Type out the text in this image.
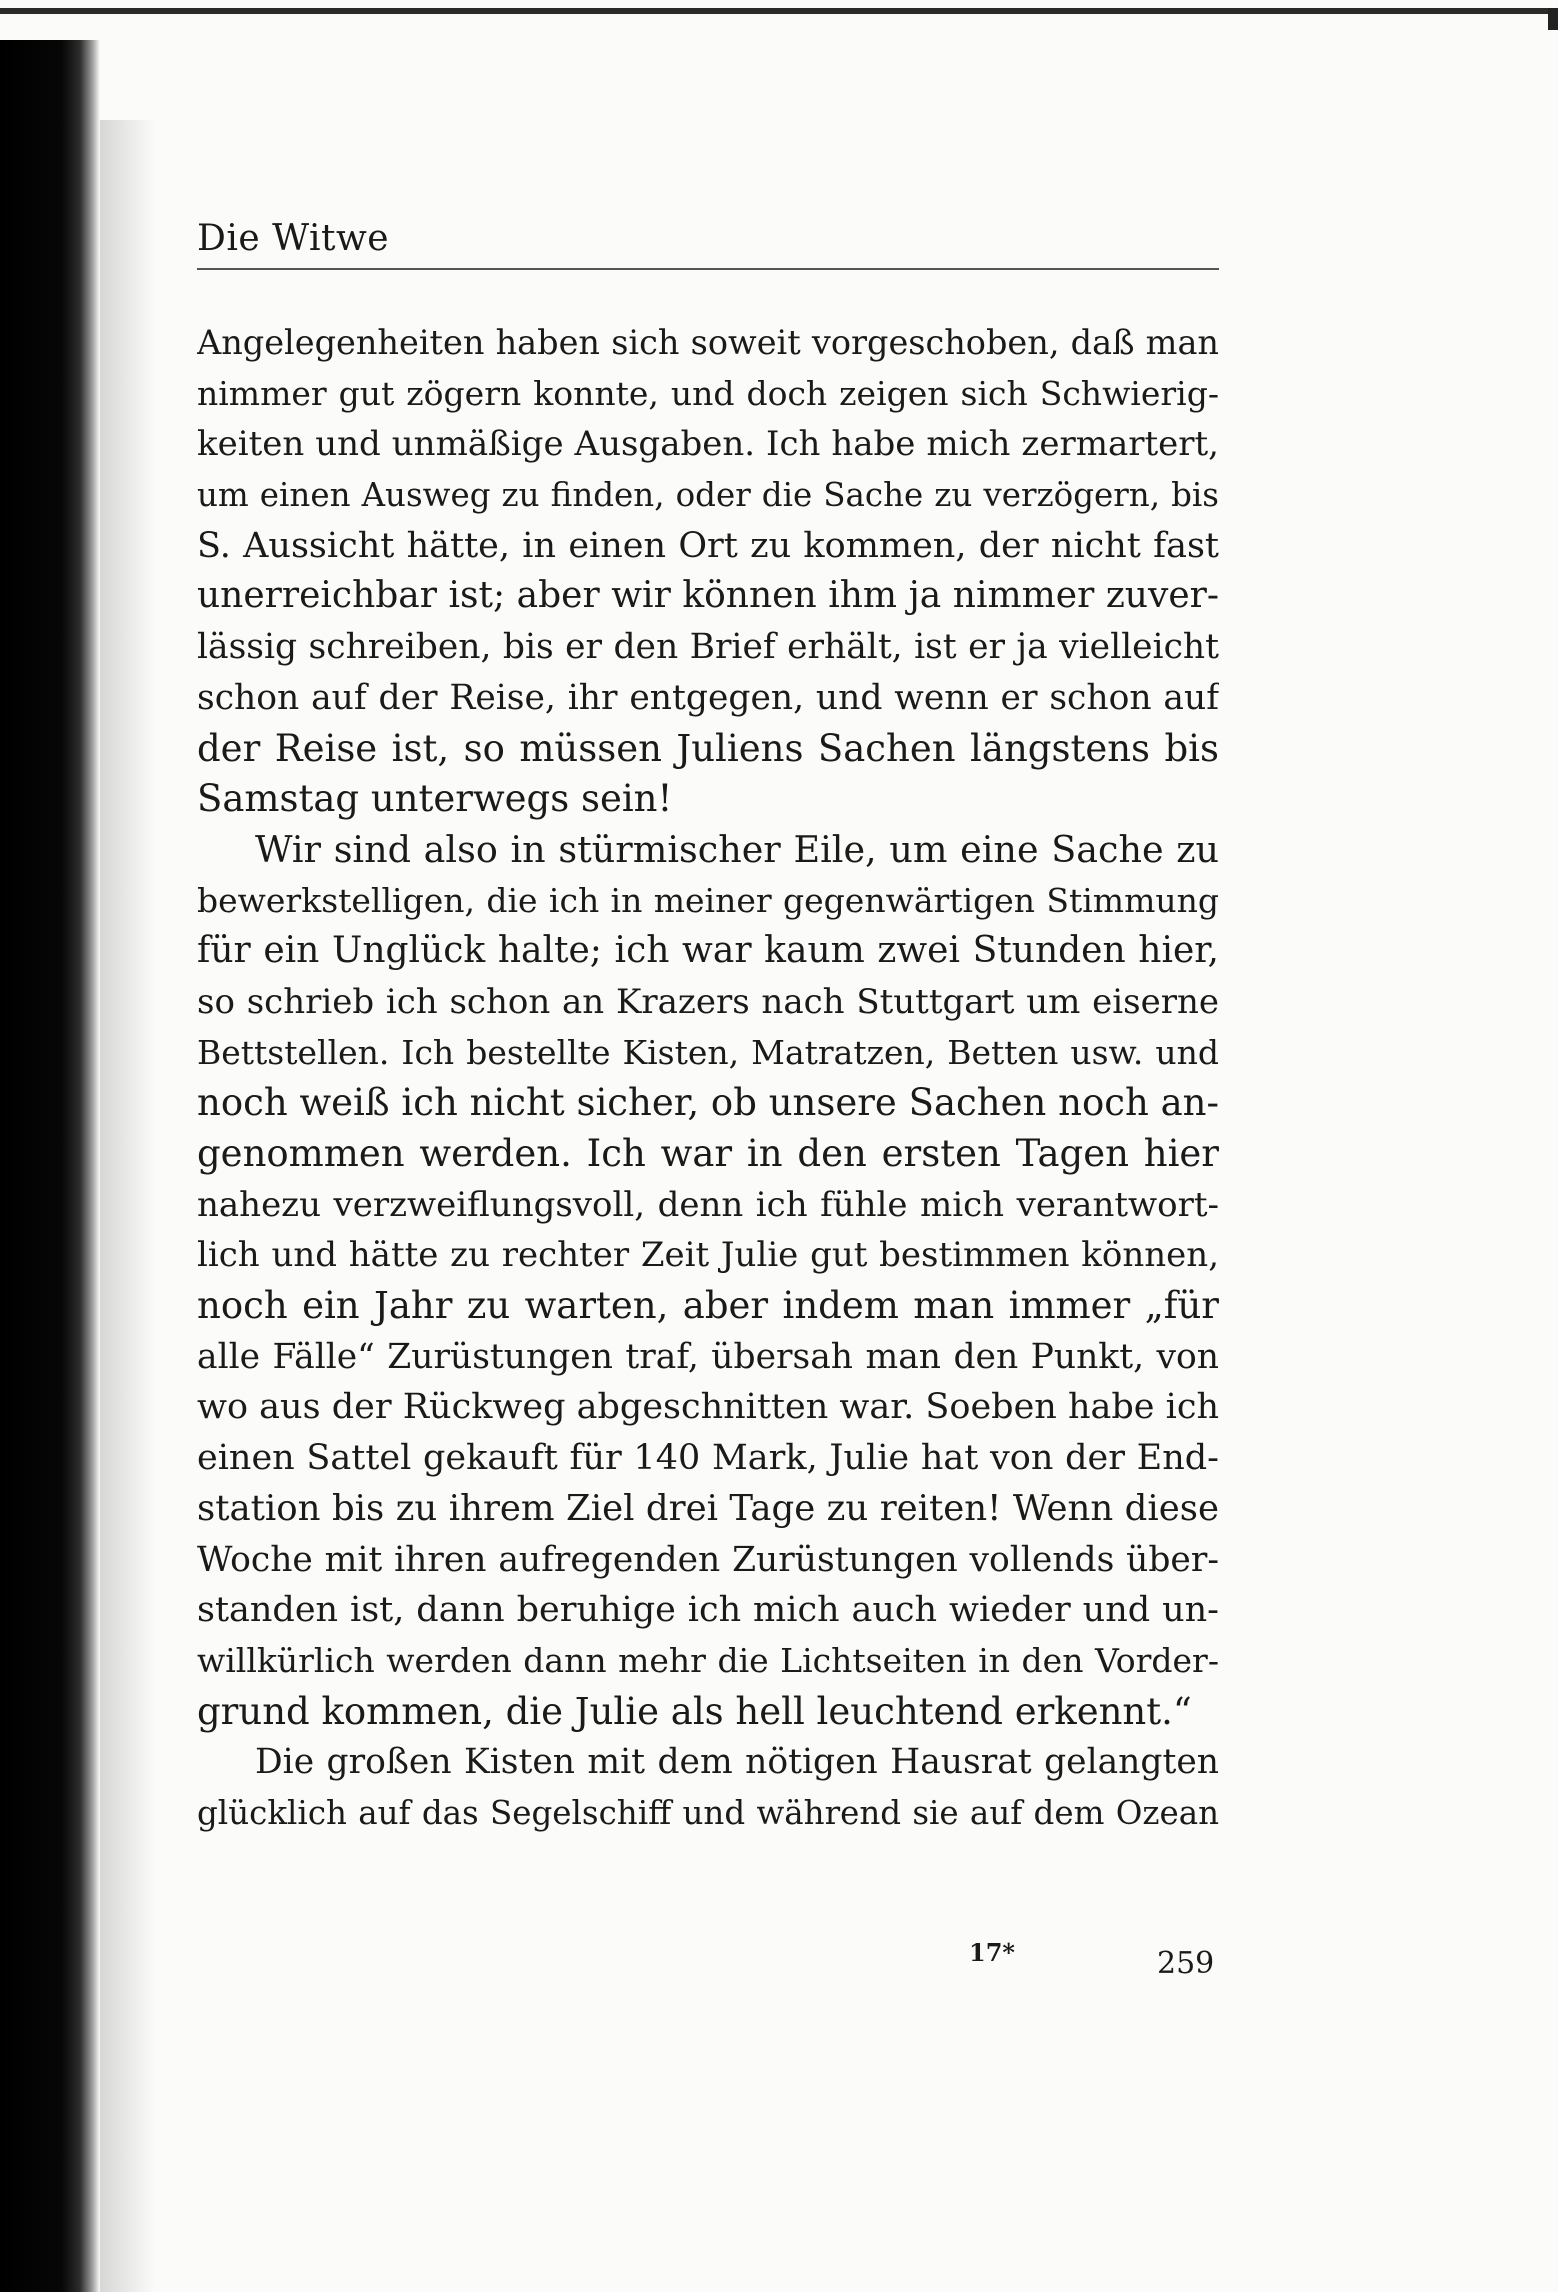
Die Witwe
Angelegenheiten haben sich soweit vorgeschoben, daß man
nimmer gut zögern konnte, und doch zeigen sich Schwierig-
keiten und unmäßige Ausgaben. Ich habe mich zermartert,
um einen Ausweg zu finden, oder die Sache zu verzögern, bis
S. Aussicht hätte, in einen Ort zu kommen, der nicht fast
unerreichbar ist; aber wir können ihm ja nimmer zuver-
lässig schreiben, bis er den Brief erhält, ist er ja vielleicht
schon auf der Reise, ihr entgegen, und wenn er schon auf
der Reise ist, so müssen Juliens Sachen längstens bis
Samstag unterwegs sein!
Wir sind also in stürmischer Eile, um eine Sache zu
bewerkstelligen, die ich in meiner gegenwärtigen Stimmung
für ein Unglück halte; ich war kaum zwei Stunden hier,
so schrieb ich schon an Krazers nach Stuttgart um eiserne
Bettstellen. Ich bestellte Kisten, Matratzen, Betten usw. und
noch weiß ich nicht sicher, ob unsere Sachen noch an-
genommen werden. Ich war in den ersten Tagen hier
nahezu verzweiflungsvoll, denn ich fühle mich verantwort-
lich und hätte zu rechter Zeit Julie gut bestimmen können,
noch ein Jahr zu warten, aber indem man immer „für
alle Fälle“ Zurüstungen traf, übersah man den Punkt, von
wo aus der Rückweg abgeschnitten war. Soeben habe ich
einen Sattel gekauft für 140 Mark, Julie hat von der End-
station bis zu ihrem Ziel drei Tage zu reiten! Wenn diese
Woche mit ihren aufregenden Zurüstungen vollends über-
standen ist, dann beruhige ich mich auch wieder und un-
willkürlich werden dann mehr die Lichtseiten in den Vorder-
grund kommen, die Julie als hell leuchtend erkennt.“
Die großen Kisten mit dem nötigen Hausrat gelangten
glücklich auf das Segelschiff und während sie auf dem Ozean
17*	259
